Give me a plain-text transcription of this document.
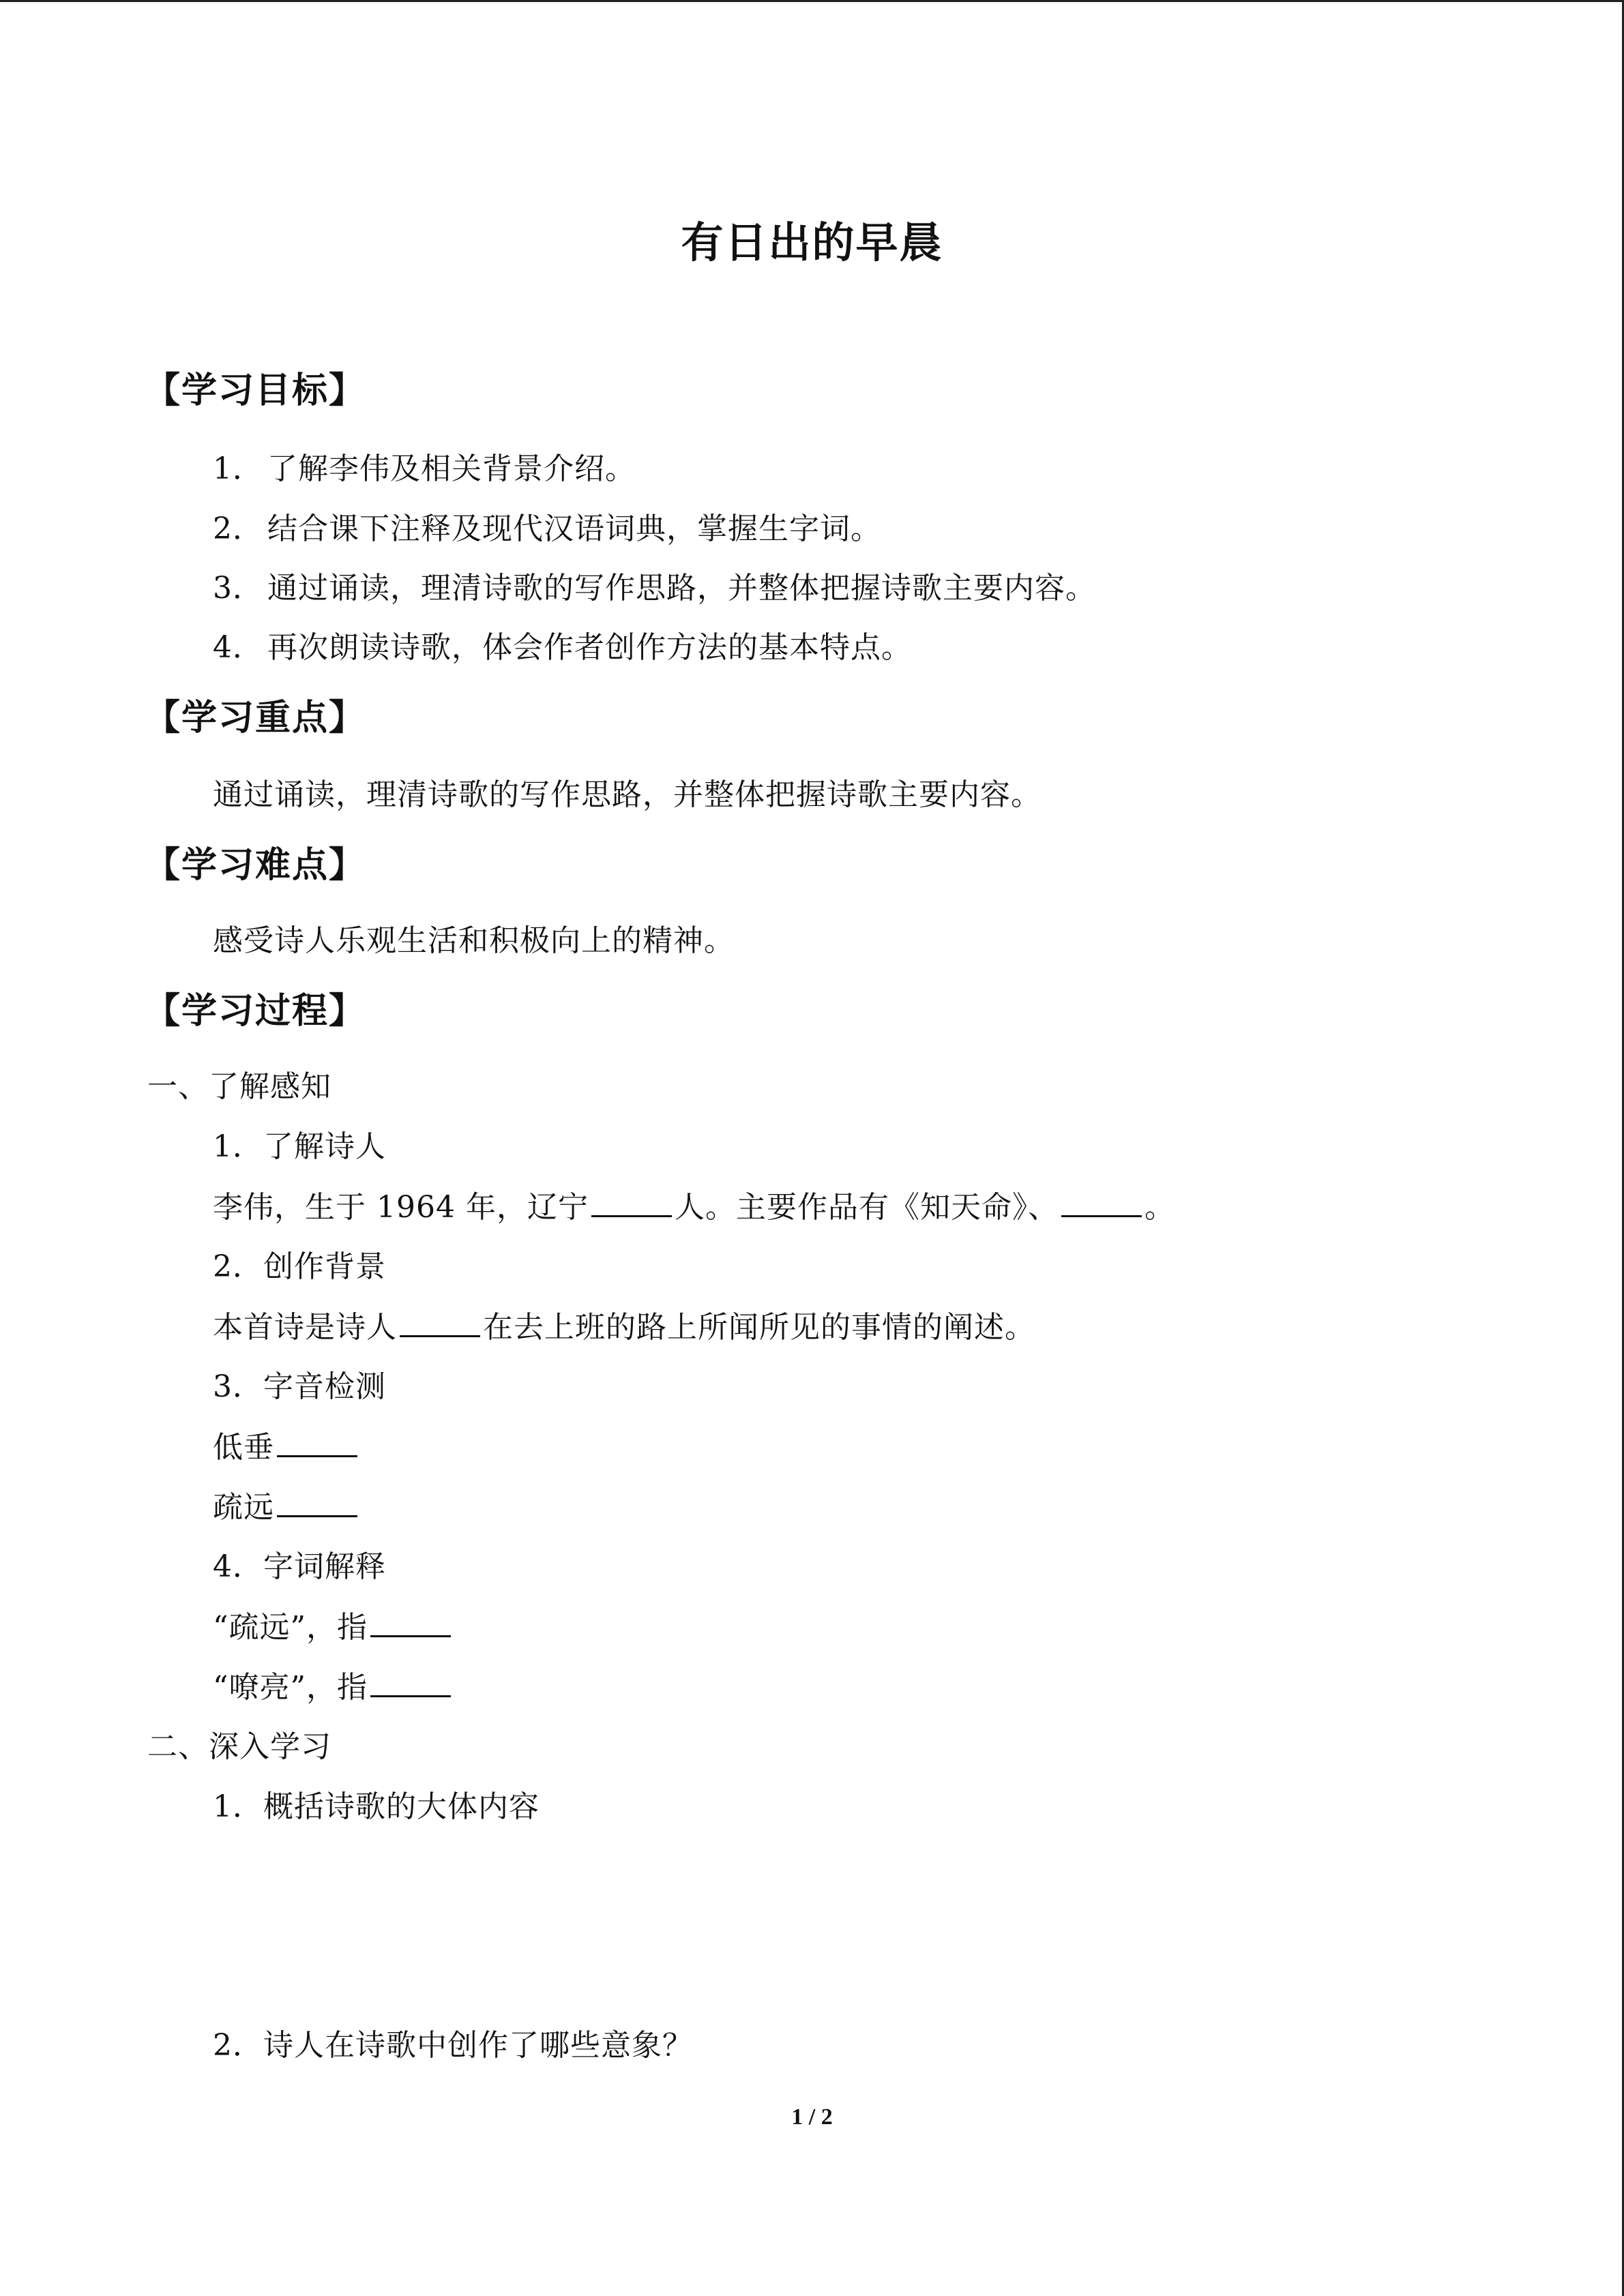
有日出的早晨
【学习目标】
1． 了解李伟及相关背景介绍。
2． 结合课下注释及现代汉语词典，掌握生字词。
3． 通过诵读，理清诗歌的写作思路，并整体把握诗歌主要内容。
4． 再次朗读诗歌，体会作者创作方法的基本特点。
【学习重点】
通过诵读，理清诗歌的写作思路，并整体把握诗歌主要内容。
【学习难点】
感受诗人乐观生活和积极向上的精神。
【学习过程】
一、了解感知
1．了解诗人
李伟，生于 1964 年，辽宁	人。主要作品有《知天命》、	。
2．创作背景
本首诗是诗人	在去上班的路上所闻所见的事情的阐述。
3．字音检测
低垂
疏远
4．字词解释
“疏远”，指
“嘹亮”，指
二、深入学习
1．概括诗歌的大体内容
2．诗人在诗歌中创作了哪些意象？
1 / 2
